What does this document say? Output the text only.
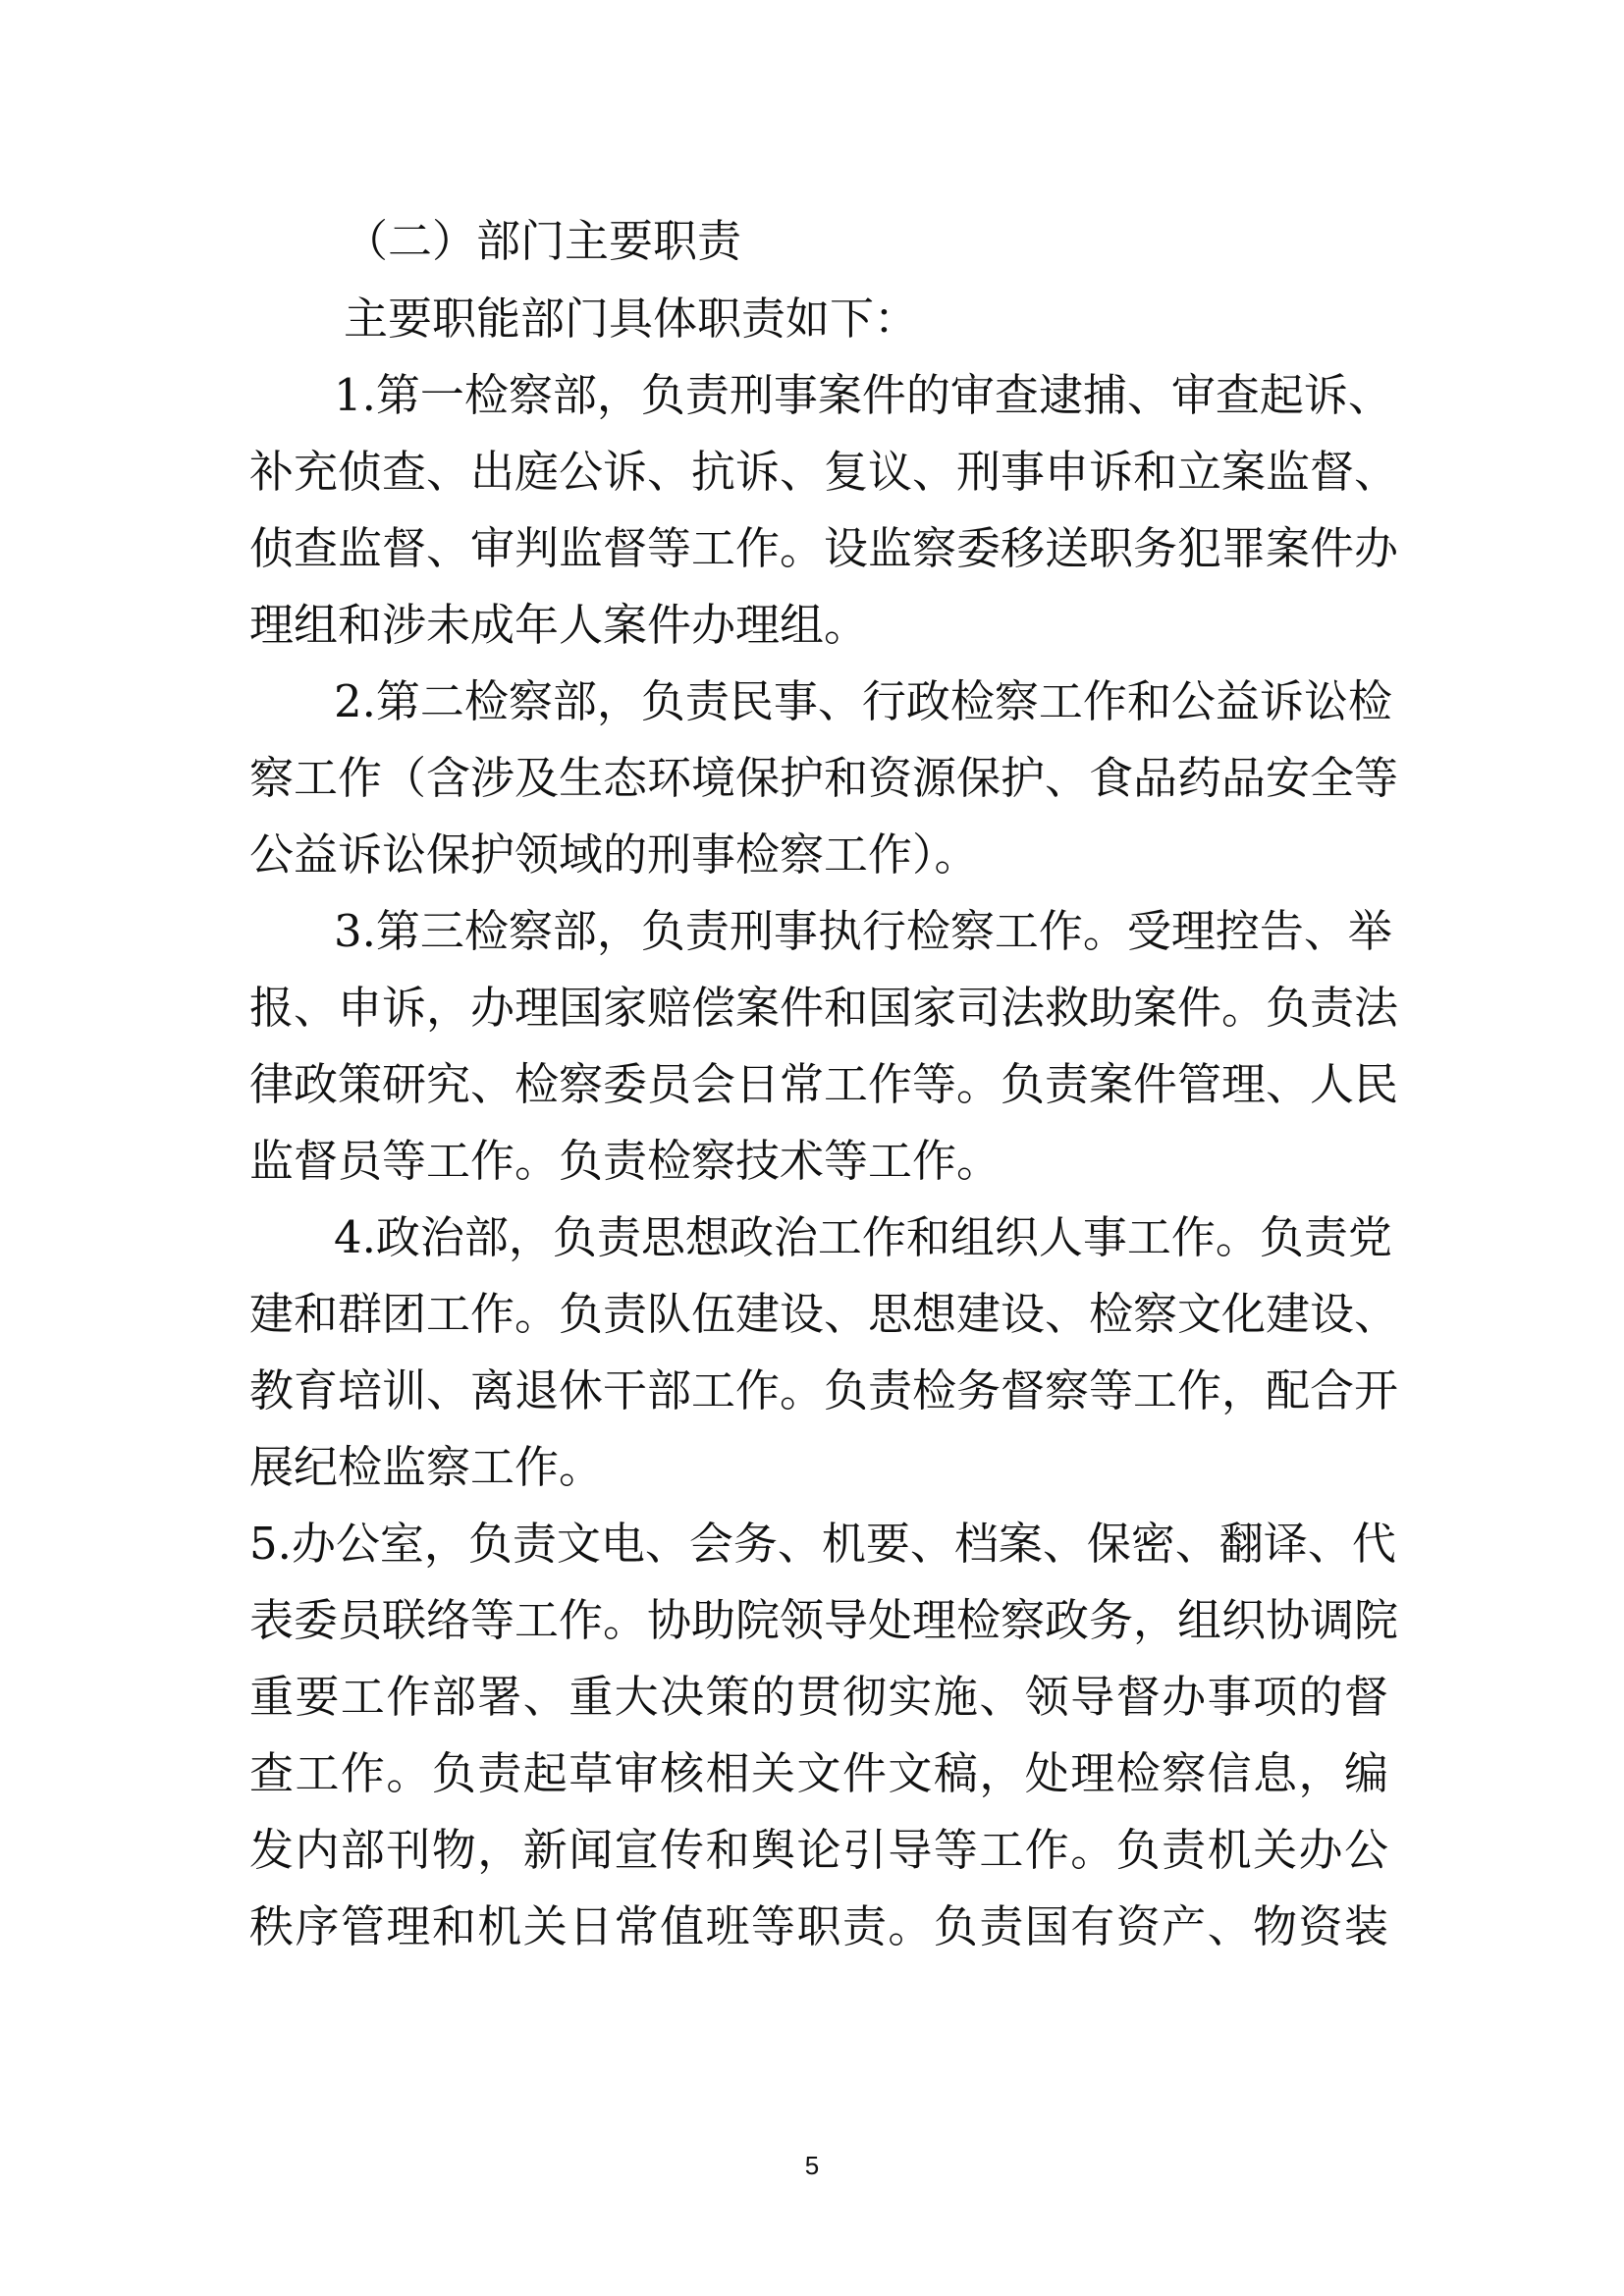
（二）部门主要职责
主要职能部门具体职责如下：
1.第一检察部，负责刑事案件的审查逮捕、审查起诉、
补充侦查、出庭公诉、抗诉、复议、刑事申诉和立案监督、
侦查监督、审判监督等工作。设监察委移送职务犯罪案件办
理组和涉未成年人案件办理组。
2.第二检察部，负责民事、行政检察工作和公益诉讼检
察工作（含涉及生态环境保护和资源保护、食品药品安全等
公益诉讼保护领域的刑事检察工作）。
3.第三检察部，负责刑事执行检察工作。受理控告、举
报、申诉，办理国家赔偿案件和国家司法救助案件。负责法
律政策研究、检察委员会日常工作等。负责案件管理、人民
监督员等工作。负责检察技术等工作。
4.政治部，负责思想政治工作和组织人事工作。负责党
建和群团工作。负责队伍建设、思想建设、检察文化建设、
教育培训、离退休干部工作。负责检务督察等工作，配合开
展纪检监察工作。
5.办公室，负责文电、会务、机要、档案、保密、翻译、代
表委员联络等工作。协助院领导处理检察政务，组织协调院
重要工作部署、重大决策的贯彻实施、领导督办事项的督
查工作。负责起草审核相关文件文稿，处理检察信息，编
发内部刊物，新闻宣传和舆论引导等工作。负责机关办公
秩序管理和机关日常值班等职责。负责国有资产、物资装
5
